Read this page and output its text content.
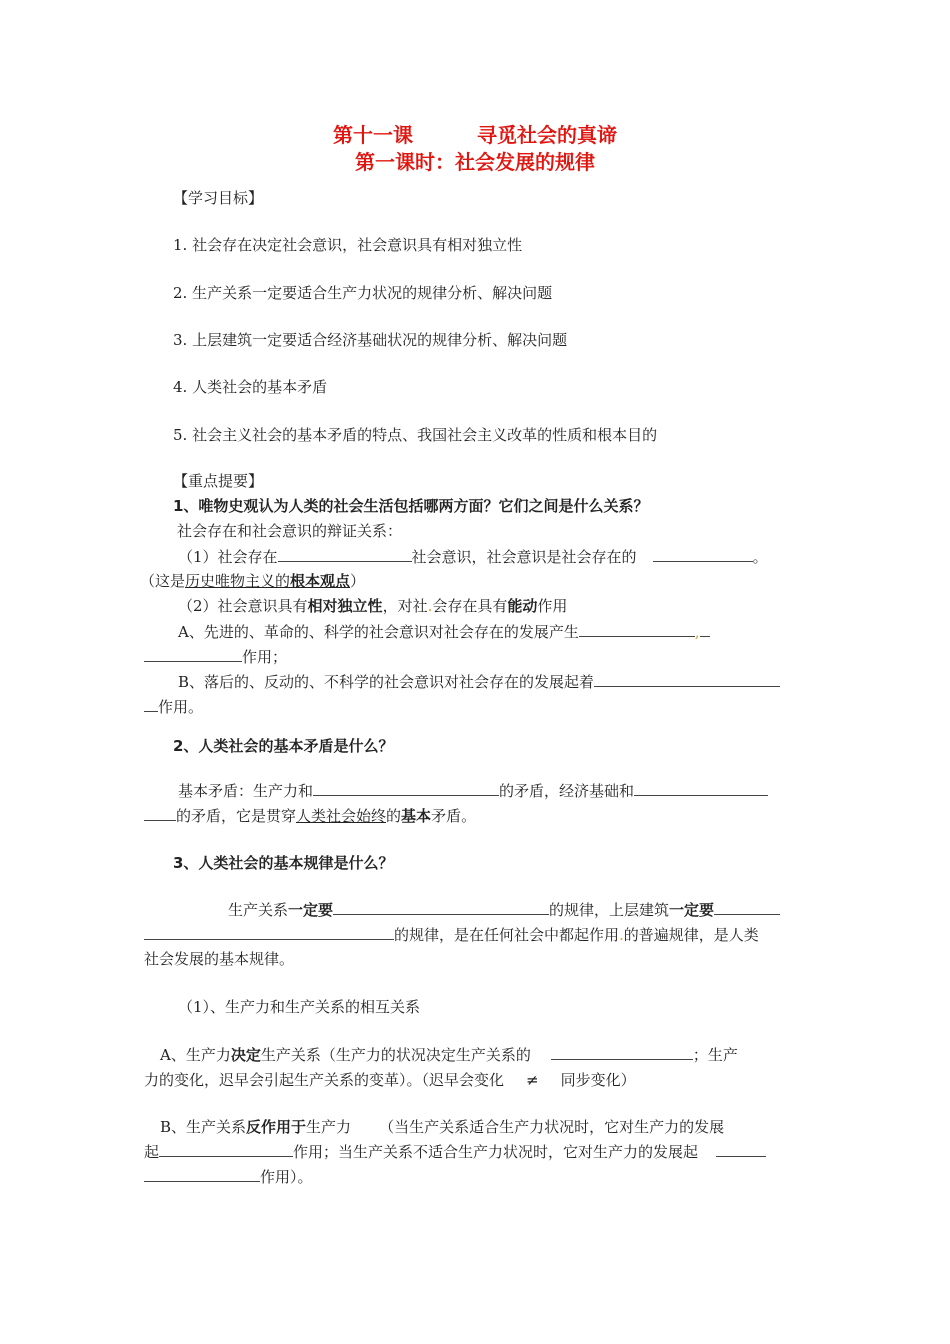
第十一课	寻觅社会的真谛
第一课时：社会发展的规律
【学习目标】
1. 社会存在决定社会意识，社会意识具有相对独立性
2. 生产关系一定要适合生产力状况的规律分析、解决问题
3. 上层建筑一定要适合经济基础状况的规律分析、解决问题
4. 人类社会的基本矛盾
5. 社会主义社会的基本矛盾的特点、我国社会主义改革的性质和根本目的
【重点提要】
1、唯物史观认为人类的社会生活包括哪两方面？它们之间是什么关系？
社会存在和社会意识的辩证关系：
（1）社会存在	社会意识，社会意识是社会存在的	。
（这是历史唯物主义的根本观点）
（2）社会意识具有相对独立性，对社.会存在具有能动作用
A、先进的、革命的、科学的社会意识对社会存在的发展产生	,
作用；
B、落后的、反动的、不科学的社会意识对社会存在的发展起着
作用。
2、人类社会的基本矛盾是什么？
基本矛盾：生产力和	的矛盾，经济基础和
的矛盾，它是贯穿人类社会始终的基本矛盾。
3、人类社会的基本规律是什么？
生产关系一定要	的规律，上层建筑一定要
的规律，是在任何社会中都起作用.的普遍规律，是人类
社会发展的基本规律。
（1）、生产力和生产关系的相互关系
A、生产力决定生产关系（生产力的状况决定生产关系的	；生产
力的变化，迟早会引起生产关系的变革）。（迟早会变化 ≠ 同步变化）
B、生产关系反作用于生产力 （当生产关系适合生产力状况时，它对生产力的发展
起	作用；当生产关系不适合生产力状况时，它对生产力的发展起
作用）。
